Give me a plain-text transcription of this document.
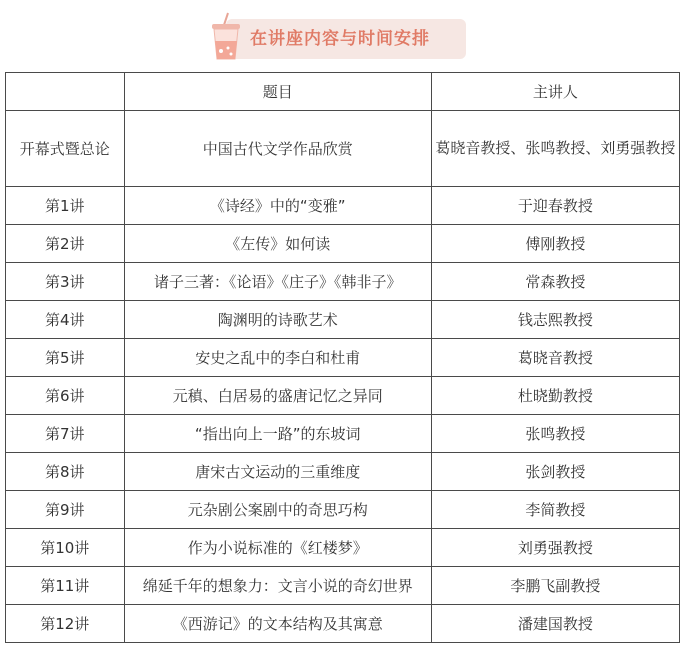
在讲座内容与时间安排
	题目	主讲人
开幕式暨总论	中国古代文学作品欣赏	葛晓音教授、张鸣教授、刘勇强教授
第1讲	《诗经》中的“变雅”	于迎春教授
第2讲	《左传》如何读	傅刚教授
第3讲	诸子三著：《论语》《庄子》《韩非子》	常森教授
第4讲	陶渊明的诗歌艺术	钱志熙教授
第5讲	安史之乱中的李白和杜甫	葛晓音教授
第6讲	元稹、白居易的盛唐记忆之异同	杜晓勤教授
第7讲	“指出向上一路”的东坡词	张鸣教授
第8讲	唐宋古文运动的三重维度	张剑教授
第9讲	元杂剧公案剧中的奇思巧构	李简教授
第10讲	作为小说标准的《红楼梦》	刘勇强教授
第11讲	绵延千年的想象力：文言小说的奇幻世界	李鹏飞副教授
第12讲	《西游记》的文本结构及其寓意	潘建国教授
